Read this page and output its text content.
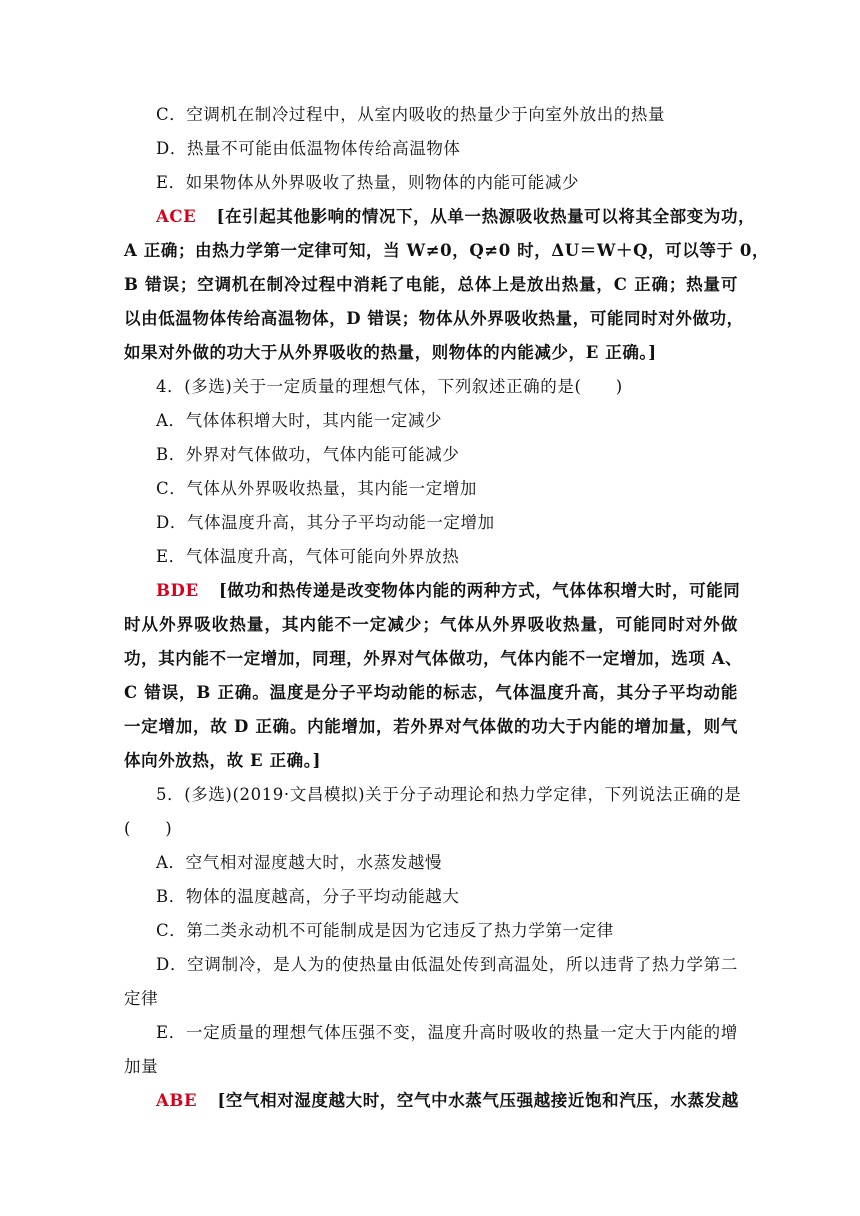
C．空调机在制冷过程中，从室内吸收的热量少于向室外放出的热量
D．热量不可能由低温物体传给高温物体
E．如果物体从外界吸收了热量，则物体的内能可能减少
ACE [在引起其他影响的情况下，从单一热源吸收热量可以将其全部变为功，
A 正确；由热力学第一定律可知，当 W≠0，Q≠0 时，ΔU＝W＋Q，可以等于 0，
B 错误；空调机在制冷过程中消耗了电能，总体上是放出热量，C 正确；热量可
以由低温物体传给高温物体，D 错误；物体从外界吸收热量，可能同时对外做功，
如果对外做的功大于从外界吸收的热量，则物体的内能减少，E 正确。]
4．(多选)关于一定质量的理想气体，下列叙述正确的是(　　)
A．气体体积增大时，其内能一定减少
B．外界对气体做功，气体内能可能减少
C．气体从外界吸收热量，其内能一定增加
D．气体温度升高，其分子平均动能一定增加
E．气体温度升高，气体可能向外界放热
BDE [做功和热传递是改变物体内能的两种方式，气体体积增大时，可能同
时从外界吸收热量，其内能不一定减少；气体从外界吸收热量，可能同时对外做
功，其内能不一定增加，同理，外界对气体做功，气体内能不一定增加，选项 A、
C 错误，B 正确。温度是分子平均动能的标志，气体温度升高，其分子平均动能
一定增加，故 D 正确。内能增加，若外界对气体做的功大于内能的增加量，则气
体向外放热，故 E 正确。]
5．(多选)(2019·文昌模拟)关于分子动理论和热力学定律，下列说法正确的是
(　　)
A．空气相对湿度越大时，水蒸发越慢
B．物体的温度越高，分子平均动能越大
C．第二类永动机不可能制成是因为它违反了热力学第一定律
D．空调制冷，是人为的使热量由低温处传到高温处，所以违背了热力学第二
定律
E．一定质量的理想气体压强不变，温度升高时吸收的热量一定大于内能的增
加量
ABE [空气相对湿度越大时，空气中水蒸气压强越接近饱和汽压，水蒸发越
